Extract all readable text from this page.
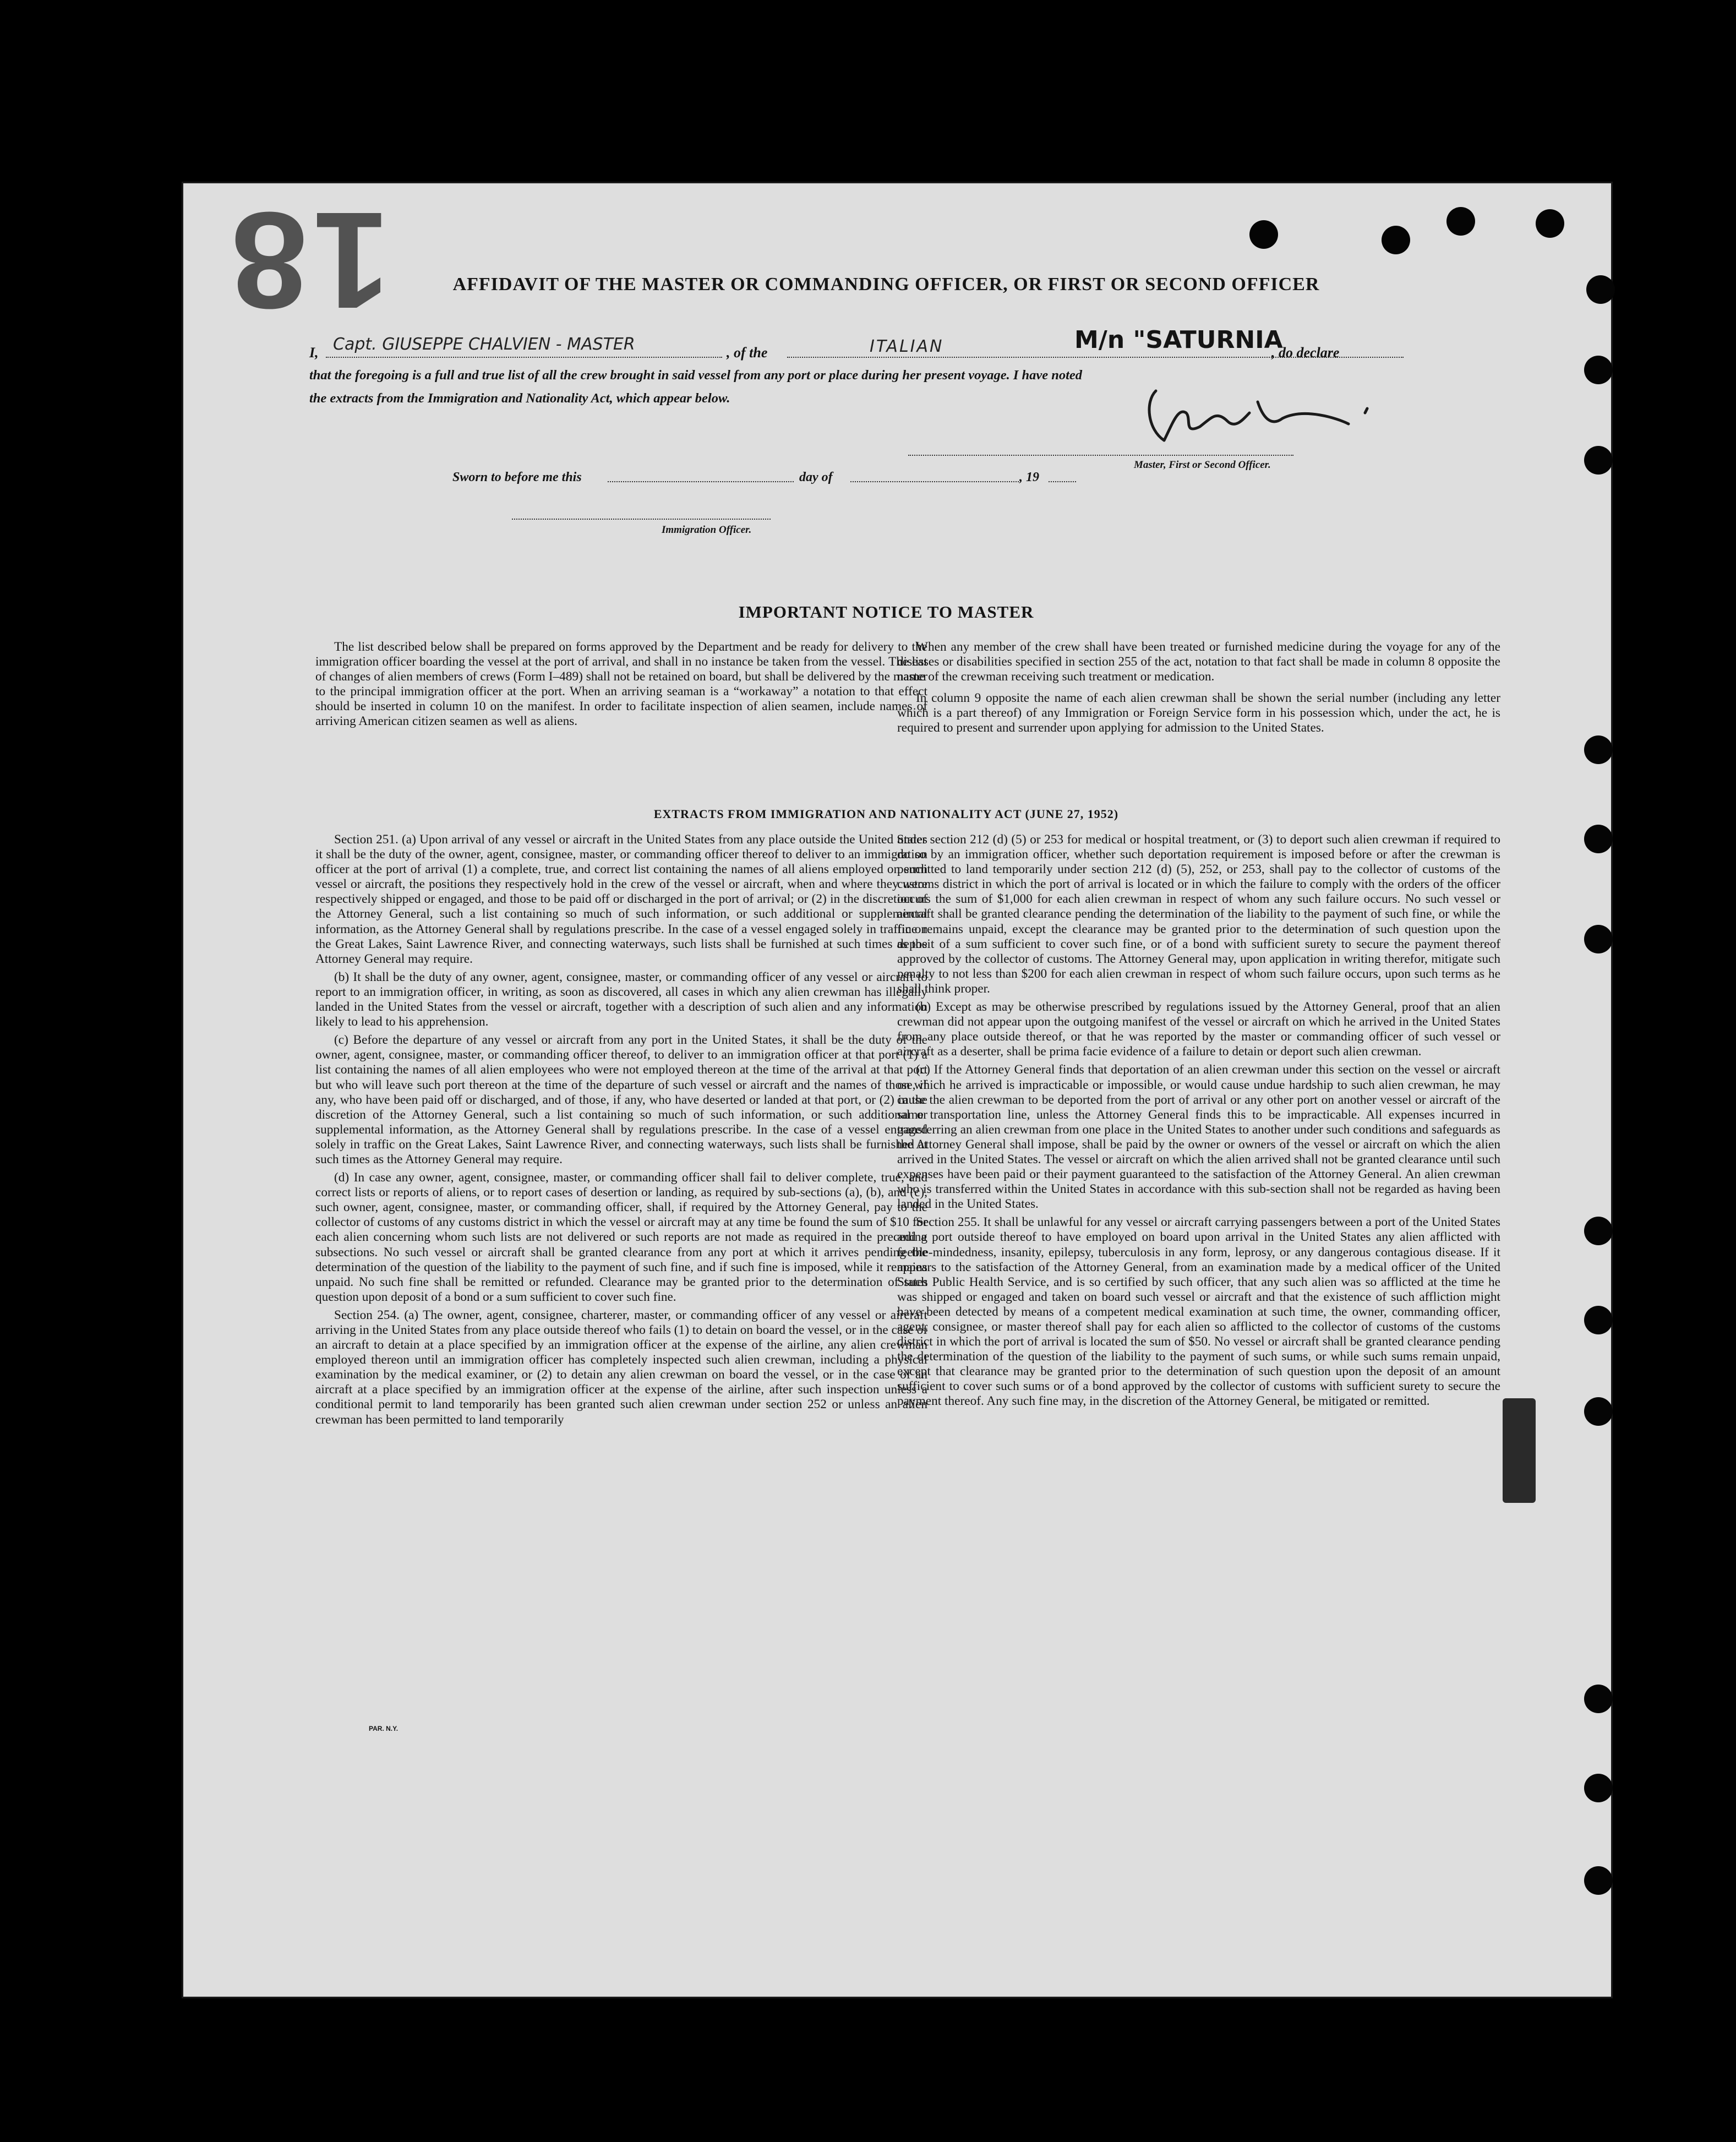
18	AFFIDAVIT OF THE MASTER OR COMMANDING OFFICER, OR FIRST OR SECOND OFFICER
I, Capt. GIUSEPPE CHALVIEN - MASTER	, of the	ITALIAN	M/n "SATURNIA
, do declare
that the foregoing is a full and true list of all the crew brought in said vessel from any port or place during her present voyage. I have noted
the extracts from the Immigration and Nationality Act, which appear below.
Master, First or Second Officer.
Sworn to before me this	day of	, 19
Immigration Officer.
IMPORTANT NOTICE TO MASTER

The list described below shall be prepared on forms approved by the Department and be ready for delivery to the immigration officer boarding the vessel at the port of arrival, and shall in no instance be taken from the vessel. The list of changes of alien members of crews (Form I–489) shall not be retained on board, but shall be delivered by the master to the principal immigration officer at the port. When an arriving seaman is a “workaway” a notation to that effect should be inserted in column 10 on the manifest. In order to facilitate inspection of alien seamen, include names of arriving American citizen seamen as well as aliens.

When any member of the crew shall have been treated or furnished medicine during the voyage for any of the diseases or disabilities specified in section 255 of the act, notation to that fact shall be made in column 8 opposite the name of the crewman receiving such treatment or medication.

In column 9 opposite the name of each alien crewman shall be shown the serial number (including any letter which is a part thereof) of any Immigration or Foreign Service form in his possession which, under the act, he is required to present and surrender upon applying for admission to the United States.

EXTRACTS FROM IMMIGRATION AND NATIONALITY ACT (JUNE 27, 1952)

Section 251. (a) Upon arrival of any vessel or aircraft in the United States from any place outside the United States it shall be the duty of the owner, agent, consignee, master, or commanding officer thereof to deliver to an immigration officer at the port of arrival (1) a complete, true, and correct list containing the names of all aliens employed on such vessel or aircraft, the positions they respectively hold in the crew of the vessel or aircraft, when and where they were respectively shipped or engaged, and those to be paid off or discharged in the port of arrival; or (2) in the discretion of the Attorney General, such a list containing so much of such information, or such additional or supplemental information, as the Attorney General shall by regulations prescribe. In the case of a vessel engaged solely in traffic on the Great Lakes, Saint Lawrence River, and connecting waterways, such lists shall be furnished at such times as the Attorney General may require.

(b) It shall be the duty of any owner, agent, consignee, master, or commanding officer of any vessel or aircraft to report to an immigration officer, in writing, as soon as discovered, all cases in which any alien crewman has illegally landed in the United States from the vessel or aircraft, together with a description of such alien and any information likely to lead to his apprehension.

(c) Before the departure of any vessel or aircraft from any port in the United States, it shall be the duty of the owner, agent, consignee, master, or commanding officer thereof, to deliver to an immigration officer at that port (1) a list containing the names of all alien employees who were not employed thereon at the time of the arrival at that port but who will leave such port thereon at the time of the departure of such vessel or aircraft and the names of those, if any, who have been paid off or discharged, and of those, if any, who have deserted or landed at that port, or (2) in the discretion of the Attorney General, such a list containing so much of such information, or such additional or supplemental information, as the Attorney General shall by regulations prescribe. In the case of a vessel engaged solely in traffic on the Great Lakes, Saint Lawrence River, and connecting waterways, such lists shall be furnished at such times as the Attorney General may require.

(d) In case any owner, agent, consignee, master, or commanding officer shall fail to deliver complete, true, and correct lists or reports of aliens, or to report cases of desertion or landing, as required by sub-sections (a), (b), and (c), such owner, agent, consignee, master, or commanding officer, shall, if required by the Attorney General, pay to the collector of customs of any customs district in which the vessel or aircraft may at any time be found the sum of $10 for each alien concerning whom such lists are not delivered or such reports are not made as required in the preceding subsections. No such vessel or aircraft shall be granted clearance from any port at which it arrives pending the determination of the question of the liability to the payment of such fine, and if such fine is imposed, while it remains unpaid. No such fine shall be remitted or refunded. Clearance may be granted prior to the determination of such question upon deposit of a bond or a sum sufficient to cover such fine.

Section 254. (a) The owner, agent, consignee, charterer, master, or commanding officer of any vessel or aircraft arriving in the United States from any place outside thereof who fails (1) to detain on board the vessel, or in the case of an aircraft to detain at a place specified by an immigration officer at the expense of the airline, any alien crewman employed thereon until an immigration officer has completely inspected such alien crewman, including a physical examination by the medical examiner, or (2) to detain any alien crewman on board the vessel, or in the case of an aircraft at a place specified by an immigration officer at the expense of the airline, after such inspection unless a conditional permit to land temporarily has been granted such alien crewman under section 252 or unless an alien crewman has been permitted to land temporarily

under section 212 (d) (5) or 253 for medical or hospital treatment, or (3) to deport such alien crewman if required to do so by an immigration officer, whether such deportation requirement is imposed before or after the crewman is permitted to land temporarily under section 212 (d) (5), 252, or 253, shall pay to the collector of customs of the customs district in which the port of arrival is located or in which the failure to comply with the orders of the officer occurs the sum of $1,000 for each alien crewman in respect of whom any such failure occurs. No such vessel or aircraft shall be granted clearance pending the determination of the liability to the payment of such fine, or while the fine remains unpaid, except the clearance may be granted prior to the determination of such question upon the deposit of a sum sufficient to cover such fine, or of a bond with sufficient surety to secure the payment thereof approved by the collector of customs. The Attorney General may, upon application in writing therefor, mitigate such penalty to not less than $200 for each alien crewman in respect of whom such failure occurs, upon such terms as he shall think proper.

(b) Except as may be otherwise prescribed by regulations issued by the Attorney General, proof that an alien crewman did not appear upon the outgoing manifest of the vessel or aircraft on which he arrived in the United States from any place outside thereof, or that he was reported by the master or commanding officer of such vessel or aircraft as a deserter, shall be prima facie evidence of a failure to detain or deport such alien crewman.

(c) If the Attorney General finds that deportation of an alien crewman under this section on the vessel or aircraft on which he arrived is impracticable or impossible, or would cause undue hardship to such alien crewman, he may cause the alien crewman to be deported from the port of arrival or any other port on another vessel or aircraft of the same transportation line, unless the Attorney General finds this to be impracticable. All expenses incurred in transferring an alien crewman from one place in the United States to another under such conditions and safeguards as the Attorney General shall impose, shall be paid by the owner or owners of the vessel or aircraft on which the alien arrived in the United States. The vessel or aircraft on which the alien arrived shall not be granted clearance until such expenses have been paid or their payment guaranteed to the satisfaction of the Attorney General. An alien crewman who is transferred within the United States in accordance with this sub-section shall not be regarded as having been landed in the United States.

Section 255. It shall be unlawful for any vessel or aircraft carrying passengers between a port of the United States and a port outside thereof to have employed on board upon arrival in the United States any alien afflicted with feeble-mindedness, insanity, epilepsy, tuberculosis in any form, leprosy, or any dangerous contagious disease. If it appears to the satisfaction of the Attorney General, from an examination made by a medical officer of the United States Public Health Service, and is so certified by such officer, that any such alien was so afflicted at the time he was shipped or engaged and taken on board such vessel or aircraft and that the existence of such affliction might have been detected by means of a competent medical examination at such time, the owner, commanding officer, agent, consignee, or master thereof shall pay for each alien so afflicted to the collector of customs of the customs district in which the port of arrival is located the sum of $50. No vessel or aircraft shall be granted clearance pending the determination of the question of the liability to the payment of such sums, or while such sums remain unpaid, except that clearance may be granted prior to the determination of such question upon the deposit of an amount sufficient to cover such sums or of a bond approved by the collector of customs with sufficient surety to secure the payment thereof. Any such fine may, in the discretion of the Attorney General, be mitigated or remitted.

PAR. N.Y.
